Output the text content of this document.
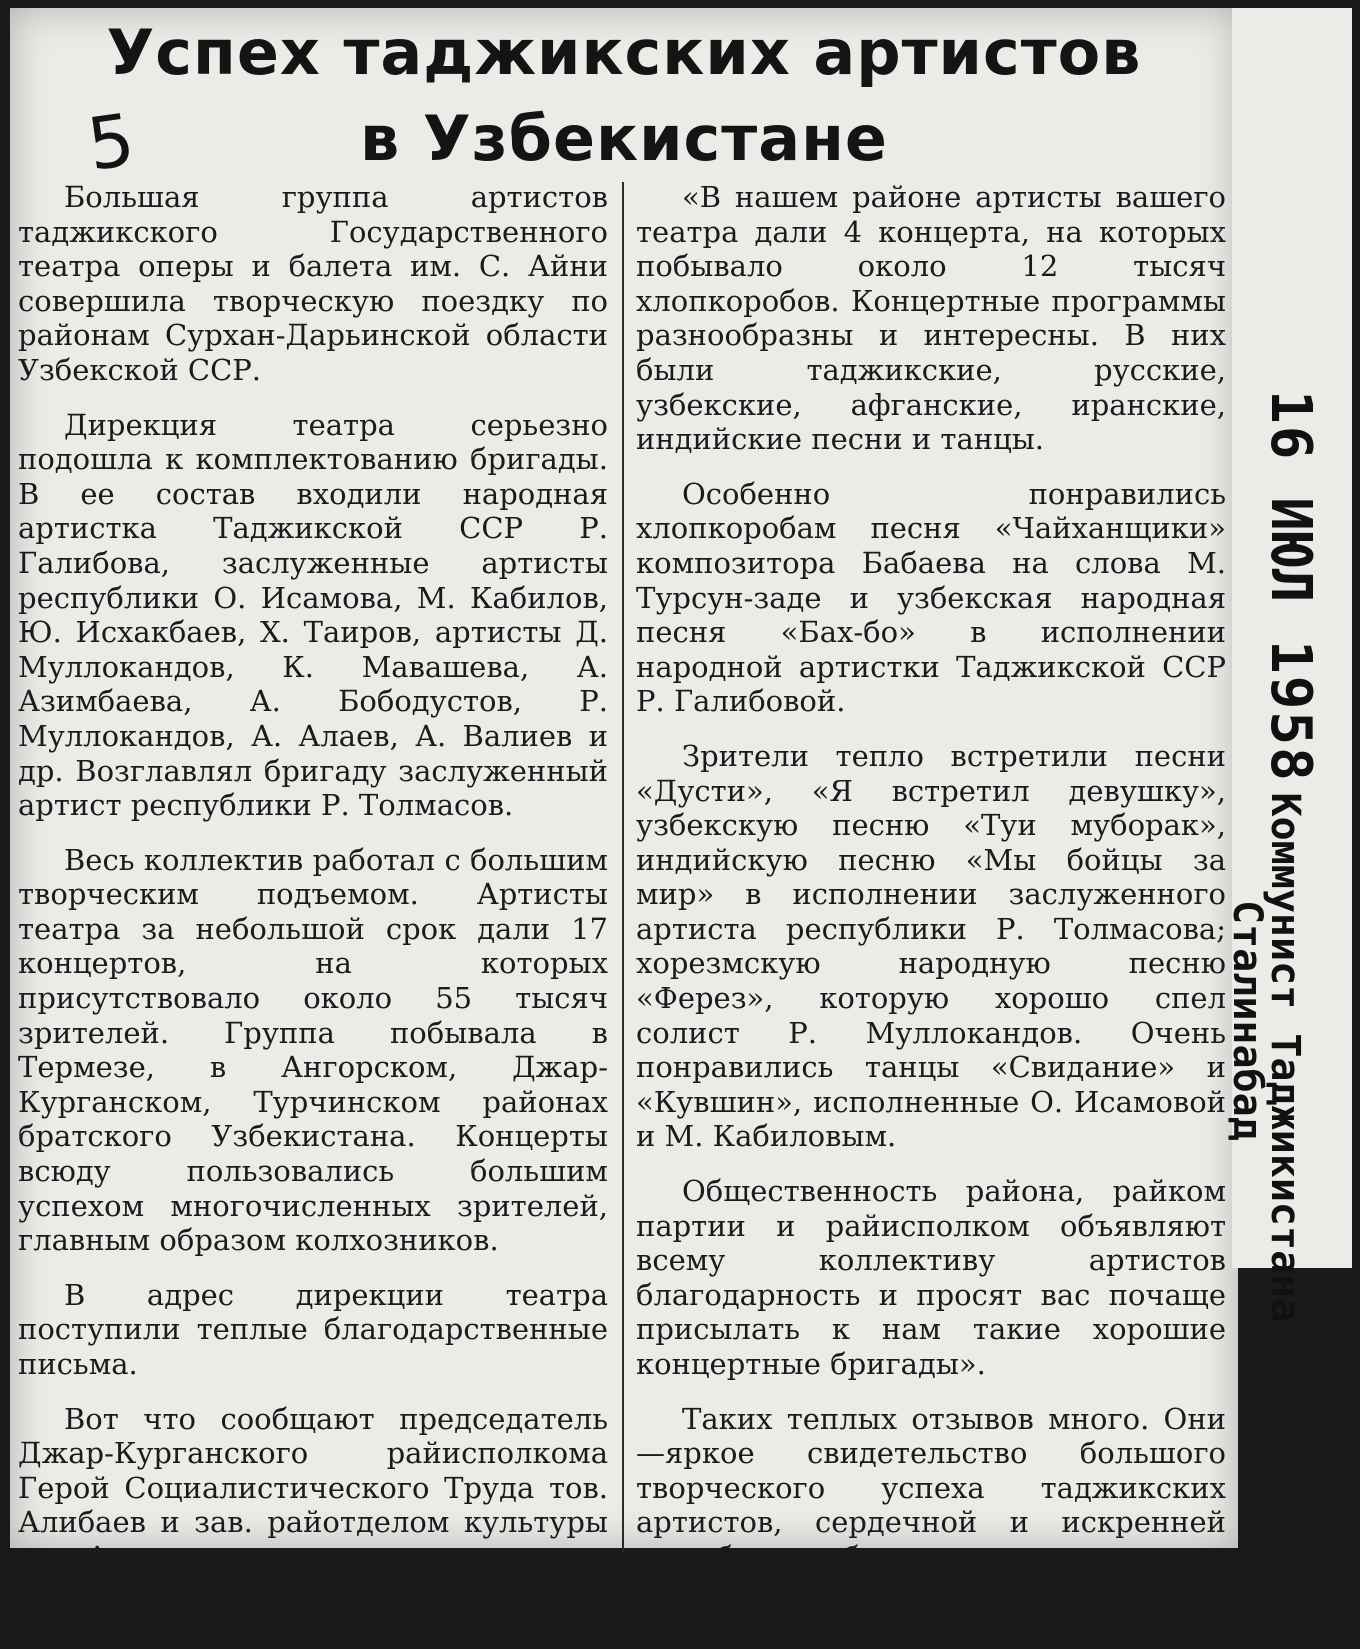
5
Успех таджикских артистов
в Узбекистане

Большая группа артистов таджикского Государственного театра оперы и балета им. С. Айни совершила творческую поездку по районам Сурхан-Дарьинской области Узбекской ССР.

Дирекция театра серьезно подошла к комплектованию бригады. В ее состав входили народная артистка Таджикской ССР Р. Галибова, заслуженные артисты республики О. Исамова, М. Кабилов, Ю. Исхакбаев, Х. Таиров, артисты Д. Муллокандов, К. Мавашева, А. Азимбаева, А. Бободустов, Р. Муллокандов, А. Алаев, А. Валиев и др. Возглавлял бригаду заслуженный артист республики Р. Толмасов.

Весь коллектив работал с большим творческим подъемом. Артисты театра за небольшой срок дали 17 концертов, на которых присутствовало около 55 тысяч зрителей. Группа побывала в Термезе, в Ангорском, Джар-Курганском, Турчинском районах братского Узбекистана. Концерты всюду пользовались большим успехом многочисленных зрителей, главным образом колхозников.

В адрес дирекции театра поступили теплые благодарственные письма.

Вот что сообщают председатель Джар-Курганского райисполкома Герой Социалистического Труда тов. Алибаев и зав. райотделом культуры тов. Ашуров:

«В нашем районе артисты вашего театра дали 4 концерта, на которых побывало около 12 тысяч хлопкоробов. Концертные программы разнообразны и интересны. В них были таджикские, русские, узбекские, афганские, иранские, индийские песни и танцы.

Особенно понравились хлопкоробам песня «Чайханщики» композитора Бабаева на слова М. Турсун-заде и узбекская народная песня «Бах-бо» в исполнении народной артистки Таджикской ССР Р. Галибовой.

Зрители тепло встретили песни «Дусти», «Я встретил девушку», узбекскую песню «Туи муборак», индийскую песню «Мы бойцы за мир» в исполнении заслуженного артиста республики Р. Толмасова; хорезмскую народную песню «Ферез», которую хорошо спел солист Р. Муллокандов. Очень понравились танцы «Свидание» и «Кувшин», исполненные О. Исамовой и М. Кабиловым.

Общественность района, райком партии и райисполком объявляют всему коллективу артистов благодарность и просят вас почаще присылать к нам такие хорошие концертные бригады».

Таких теплых отзывов много. Они—яркое свидетельство большого творческого успеха таджикских артистов, сердечной и искренней дружбы двух братских народов.

И. НИВИН.

16 ИЮЛ 1958 Коммунист Таджикистана
Сталинабад
